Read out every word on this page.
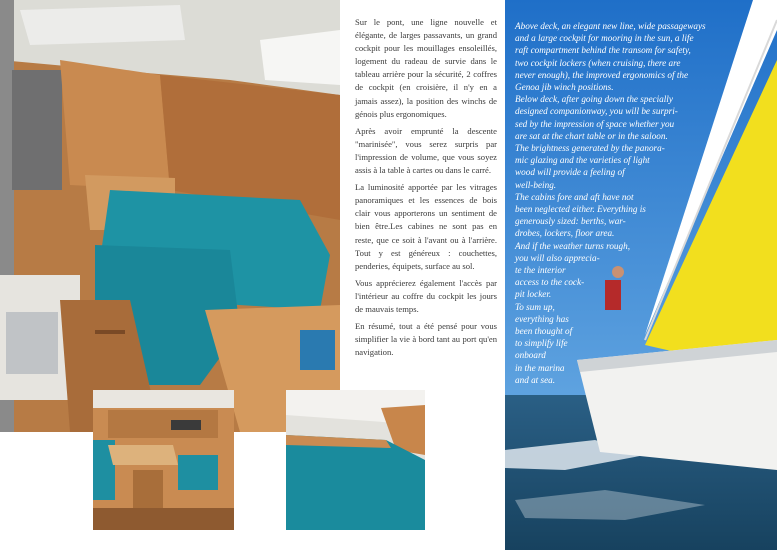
Sur le pont, une ligne nouvelle et élégante, de larges passavants, un grand cockpit pour les mouillages ensoleillés, logement du radeau de survie dans le tableau arrière pour la sécurité, 2 coffres de cockpit (en croisière, il n'y en a jamais assez), la position des winchs de génois plus ergonomiques.

Après avoir emprunté la descente "marinisée", vous serez surpris par l'impression de volume, que vous soyez assis à la table à cartes ou dans le carré.

La luminosité apportée par les vitrages panoramiques et les essences de bois clair vous apporterons un sentiment de bien être.Les cabines ne sont pas en reste, que ce soit à l'avant ou à l'arrière. Tout y est généreux : couchettes, penderies, équipets, surface au sol.

Vous apprécierez également l'accès par l'intérieur au coffre du cockpit les jours de mauvais temps.

En résumé, tout a été pensé pour vous simplifier la vie à bord tant au port qu'en navigation.

Above deck, an elegant new line, wide passageways
and a large cockpit for mooring in the sun, a life
raft compartment behind the transom for safety,
two cockpit lockers (when cruising, there are
never enough), the improved ergonomics of the
Genoa jib winch positions.
Below deck, after going down the specially
designed companionway, you will be surpri-
sed by the impression of space whether you
are sat at the chart table or in the saloon.
The brightness generated by the panora-
mic glazing and the varieties of light
wood will provide a feeling of
well-being.
The cabins fore and aft have not
been neglected either. Everything is
generously sized: berths, war-
drobes, lockers, floor area.
And if the weather turns rough,
you will also apprecia-
te the interior
access to the cock-
pit locker.
To sum up,
everything has
been thought of
to simplify life
onboard
in the marina
and at sea.
